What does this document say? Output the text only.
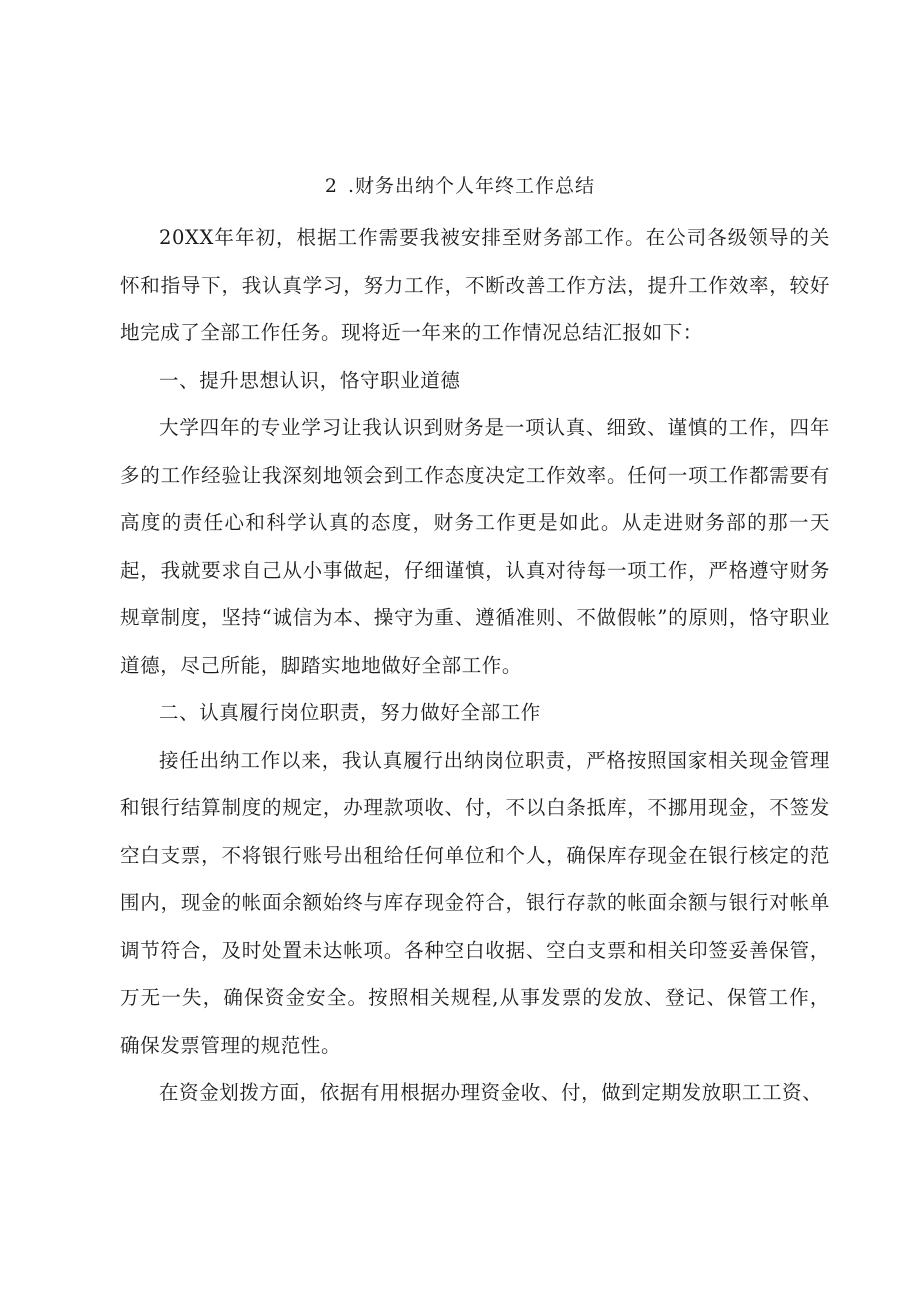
2 .财务出纳个人年终工作总结

20XX年年初，根据工作需要我被安排至财务部工作。在公司各级领导的关怀和指导下，我认真学习，努力工作，不断改善工作方法，提升工作效率，较好地完成了全部工作任务。现将近一年来的工作情况总结汇报如下：

一、提升思想认识，恪守职业道德

大学四年的专业学习让我认识到财务是一项认真、细致、谨慎的工作，四年多的工作经验让我深刻地领会到工作态度决定工作效率。任何一项工作都需要有高度的责任心和科学认真的态度，财务工作更是如此。从走进财务部的那一天起，我就要求自己从小事做起，仔细谨慎，认真对待每一项工作，严格遵守财务规章制度，坚持“诚信为本、操守为重、遵循准则、不做假帐”的原则，恪守职业道德，尽己所能，脚踏实地地做好全部工作。

二、认真履行岗位职责，努力做好全部工作

接任出纳工作以来，我认真履行出纳岗位职责，严格按照国家相关现金管理和银行结算制度的规定，办理款项收、付，不以白条抵库，不挪用现金，不签发空白支票，不将银行账号出租给任何单位和个人，确保库存现金在银行核定的范围内，现金的帐面余额始终与库存现金符合，银行存款的帐面余额与银行对帐单调节符合，及时处置未达帐项。各种空白收据、空白支票和相关印签妥善保管，万无一失，确保资金安全。按照相关规程,从事发票的发放、登记、保管工作，确保发票管理的规范性。

在资金划拨方面，依据有用根据办理资金收、付，做到定期发放职工工资、
